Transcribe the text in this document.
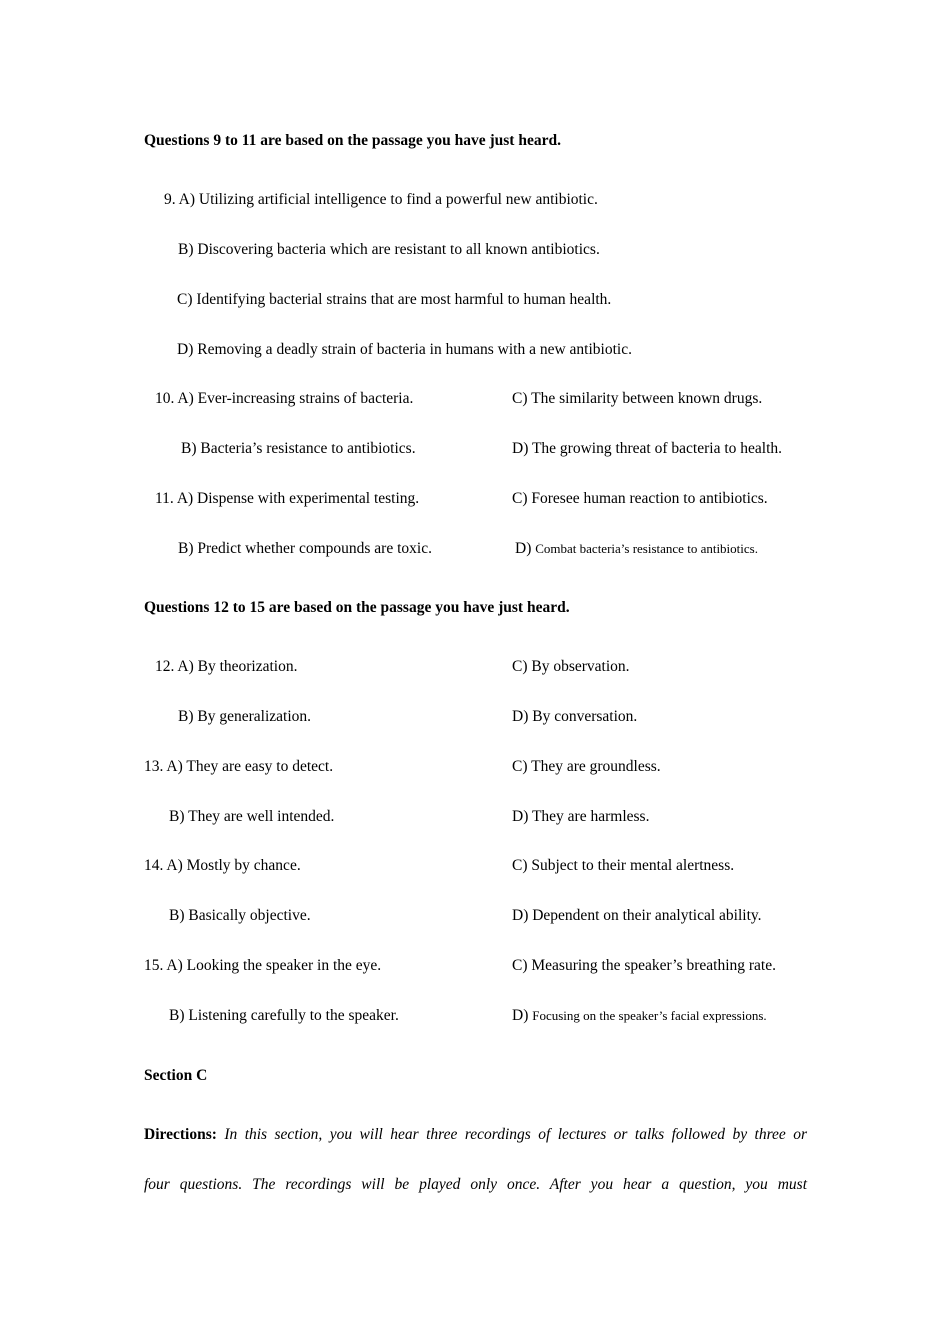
Questions 9 to 11 are based on the passage you have just heard.
9. A) Utilizing artificial intelligence to find a powerful new antibiotic.
B) Discovering bacteria which are resistant to all known antibiotics.
C) Identifying bacterial strains that are most harmful to human health.
D) Removing a deadly strain of bacteria in humans with a new antibiotic.
10. A) Ever-increasing strains of bacteria.	C) The similarity between known drugs.
B) Bacteria’s resistance to antibiotics.	D) The growing threat of bacteria to health.
11. A) Dispense with experimental testing.	C) Foresee human reaction to antibiotics.
B) Predict whether compounds are toxic.	D) Combat bacteria’s resistance to antibiotics.
Questions 12 to 15 are based on the passage you have just heard.
12. A) By theorization.	C) By observation.
B) By generalization.	D) By conversation.
13. A) They are easy to detect.	C) They are groundless.
B) They are well intended.	D) They are harmless.
14. A) Mostly by chance.	C) Subject to their mental alertness.
B) Basically objective.	D) Dependent on their analytical ability.
15. A) Looking the speaker in the eye.	C) Measuring the speaker’s breathing rate.
B) Listening carefully to the speaker.	D) Focusing on the speaker’s facial expressions.
Section C
Directions: In this section, you will hear three recordings of lectures or talks followed by three or
four questions. The recordings will be played only once. After you hear a question, you must
